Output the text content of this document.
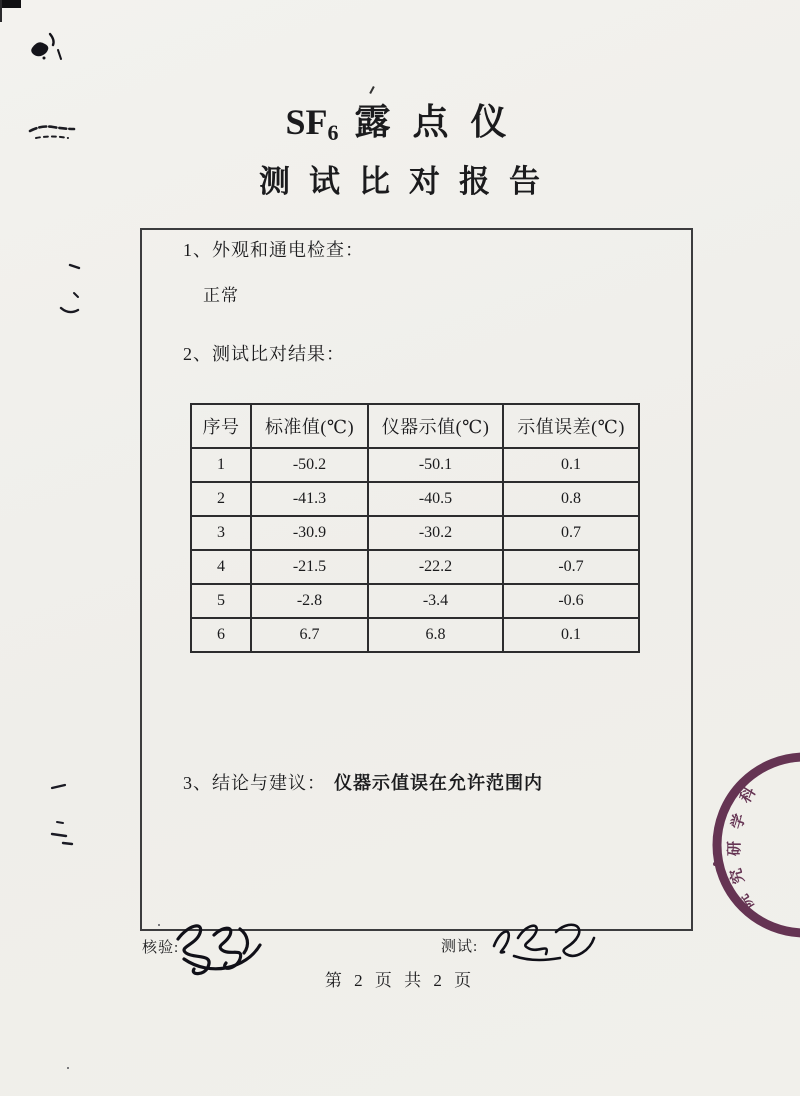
$SF_6$ 露点仪
测试比对报告
1、外观和通电检查：
正常
2、测试比对结果：
序号	标准值(℃)	仪器示值(℃)	示值误差(℃)
1	-50.2	-50.1	0.1
2	-41.3	-40.5	0.8
3	-30.9	-30.2	0.7
4	-21.5	-22.2	-0.7
5	-2.8	-3.4	-0.6
6	6.7	6.8	0.1
3、结论与建议： 仪器示值误在允许范围内
科
学
研
究
院
核验:	测试:
第 2 页 共 2 页
